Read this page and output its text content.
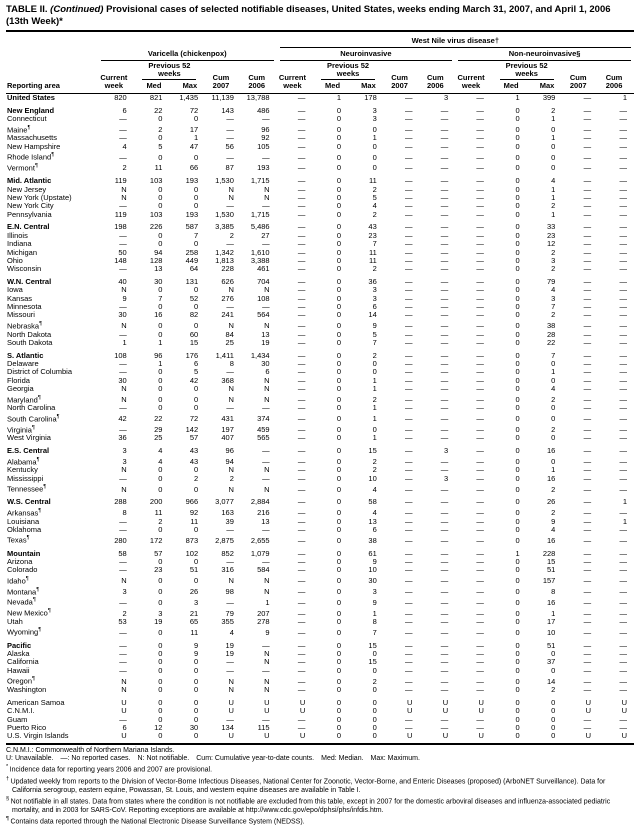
TABLE II. (Continued) Provisional cases of selected notifiable diseases, United States, weeks ending March 31, 2007, and April 1, 2006 (13th Week)*
Reporting area						West Nile virus disease†									

	Varicella (chickenpox)					Neuroinvasive					Non-neuroinvasive§				

	Current week	Previous 52 weeks		Cum 2007	Cum 2006	Current week	Previous 52 weeks		Cum 2007	Cum 2006	Current week	Previous 52 weeks		Cum 2007	Cum 2006
		Med	Max				Med	Max				Med	Max		
United States	820	821	1,435	11,139	13,788	—	1	178	—	3	—	1	399	—	1
New England	6	22	72	143	486	—	0	3	—	—	—	0	2	—	—
Connecticut	—	0	0	—	—	—	0	3	—	—	—	0	1	—	—
Maine¶	—	2	17	—	96	—	0	0	—	—	—	0	0	—	—
Massachusetts	—	0	1	—	92	—	0	1	—	—	—	0	1	—	—
New Hampshire	4	5	47	56	105	—	0	0	—	—	—	0	0	—	—
Rhode Island¶	—	0	0	—	—	—	0	0	—	—	—	0	0	—	—
Vermont¶	2	11	66	87	193	—	0	0	—	—	—	0	0	—	—
Mid. Atlantic	119	103	193	1,530	1,715	—	0	11	—	—	—	0	4	—	—
New Jersey	N	0	0	N	N	—	0	2	—	—	—	0	1	—	—
New York (Upstate)	N	0	0	N	N	—	0	5	—	—	—	0	1	—	—
New York City	—	0	0	—	—	—	0	4	—	—	—	0	2	—	—
Pennsylvania	119	103	193	1,530	1,715	—	0	2	—	—	—	0	1	—	—
E.N. Central	198	226	587	3,385	5,486	—	0	43	—	—	—	0	33	—	—
Illinois	—	0	7	2	27	—	0	23	—	—	—	0	23	—	—
Indiana	—	0	0	—	—	—	0	7	—	—	—	0	12	—	—
Michigan	50	94	258	1,342	1,610	—	0	11	—	—	—	0	2	—	—
Ohio	148	128	449	1,813	3,388	—	0	11	—	—	—	0	3	—	—
Wisconsin	—	13	64	228	461	—	0	2	—	—	—	0	2	—	—
W.N. Central	40	30	131	626	704	—	0	36	—	—	—	0	79	—	—
Iowa	N	0	0	N	N	—	0	3	—	—	—	0	4	—	—
Kansas	9	7	52	276	108	—	0	3	—	—	—	0	3	—	—
Minnesota	—	0	0	—	—	—	0	6	—	—	—	0	7	—	—
Missouri	30	16	82	241	564	—	0	14	—	—	—	0	2	—	—
Nebraska¶	N	0	0	N	N	—	0	9	—	—	—	0	38	—	—
North Dakota	—	0	60	84	13	—	0	5	—	—	—	0	28	—	—
South Dakota	1	1	15	25	19	—	0	7	—	—	—	0	22	—	—
S. Atlantic	108	96	176	1,411	1,434	—	0	2	—	—	—	0	7	—	—
Delaware	—	1	6	8	30	—	0	0	—	—	—	0	0	—	—
District of Columbia	—	0	5	—	6	—	0	0	—	—	—	0	1	—	—
Florida	30	0	42	368	N	—	0	1	—	—	—	0	0	—	—
Georgia	N	0	0	N	N	—	0	1	—	—	—	0	4	—	—
Maryland¶	N	0	0	N	N	—	0	2	—	—	—	0	2	—	—
North Carolina	—	0	0	—	—	—	0	1	—	—	—	0	0	—	—
South Carolina¶	42	22	72	431	374	—	0	1	—	—	—	0	0	—	—
Virginia¶	—	29	142	197	459	—	0	0	—	—	—	0	2	—	—
West Virginia	36	25	57	407	565	—	0	1	—	—	—	0	0	—	—
E.S. Central	3	4	43	96	—	—	0	15	—	3	—	0	16	—	—
Alabama¶	3	4	43	94	—	—	0	2	—	—	—	0	0	—	—
Kentucky	N	0	0	N	N	—	0	2	—	—	—	0	1	—	—
Mississippi	—	0	2	2	—	—	0	10	—	3	—	0	16	—	—
Tennessee¶	N	0	0	N	N	—	0	4	—	—	—	0	2	—	—
W.S. Central	288	200	966	3,077	2,884	—	0	58	—	—	—	0	26	—	1
Arkansas¶	8	11	92	163	216	—	0	4	—	—	—	0	2	—	—
Louisiana	—	2	11	39	13	—	0	13	—	—	—	0	9	—	1
Oklahoma	—	0	0	—	—	—	0	6	—	—	—	0	4	—	—
Texas¶	280	172	873	2,875	2,655	—	0	38	—	—	—	0	16	—	—
Mountain	58	57	102	852	1,079	—	0	61	—	—	—	1	228	—	—
Arizona	—	0	0	—	—	—	0	9	—	—	—	0	15	—	—
Colorado	—	23	51	316	584	—	0	10	—	—	—	0	51	—	—
Idaho¶	N	0	0	N	N	—	0	30	—	—	—	0	157	—	—
Montana¶	3	0	26	98	N	—	0	3	—	—	—	0	8	—	—
Nevada¶	—	0	3	—	1	—	0	9	—	—	—	0	16	—	—
New Mexico¶	2	3	21	79	207	—	0	1	—	—	—	0	1	—	—
Utah	53	19	65	355	278	—	0	8	—	—	—	0	17	—	—
Wyoming¶	—	0	11	4	9	—	0	7	—	—	—	0	10	—	—
Pacific	—	0	9	19	—	—	0	15	—	—	—	0	51	—	—
Alaska	—	0	9	19	N	—	0	0	—	—	—	0	0	—	—
California	—	0	0	—	N	—	0	15	—	—	—	0	37	—	—
Hawaii	—	0	0	—	—	—	0	0	—	—	—	0	0	—	—
Oregon¶	N	0	0	N	N	—	0	2	—	—	—	0	14	—	—
Washington	N	0	0	N	N	—	0	0	—	—	—	0	2	—	—
American Samoa	U	0	0	U	U	U	0	0	U	U	U	0	0	U	U
C.N.M.I.	U	0	0	U	U	U	0	0	U	U	U	0	0	U	U
Guam	—	0	0	—	—	—	0	0	—	—	—	0	0	—	—
Puerto Rico	6	12	30	134	115	—	0	0	—	—	—	0	0	—	—
U.S. Virgin Islands	U	0	0	U	U	U	0	0	U	U	U	0	0	U	U
C.N.M.I.: Commonwealth of Northern Mariana Islands.
U: Unavailable. —: No reported cases. N: Not notifiable. Cum: Cumulative year-to-date counts. Med: Median. Max: Maximum.
* Incidence data for reporting years 2006 and 2007 are provisional.
† Updated weekly from reports to the Division of Vector-Borne Infectious Diseases, National Center for Zoonotic, Vector-Borne, and Enteric Diseases (proposed) (ArboNET Surveillance). Data for California serogroup, eastern equine, Powassan, St. Louis, and western equine diseases are available in Table I.
§ Not notifiable in all states. Data from states where the condition is not notifiable are excluded from this table, except in 2007 for the domestic arboviral diseases and influenza-associated pediatric mortality, and in 2003 for SARS-CoV. Reporting exceptions are available at http://www.cdc.gov/epo/dphsi/phs/infdis.htm.
¶ Contains data reported through the National Electronic Disease Surveillance System (NEDSS).
